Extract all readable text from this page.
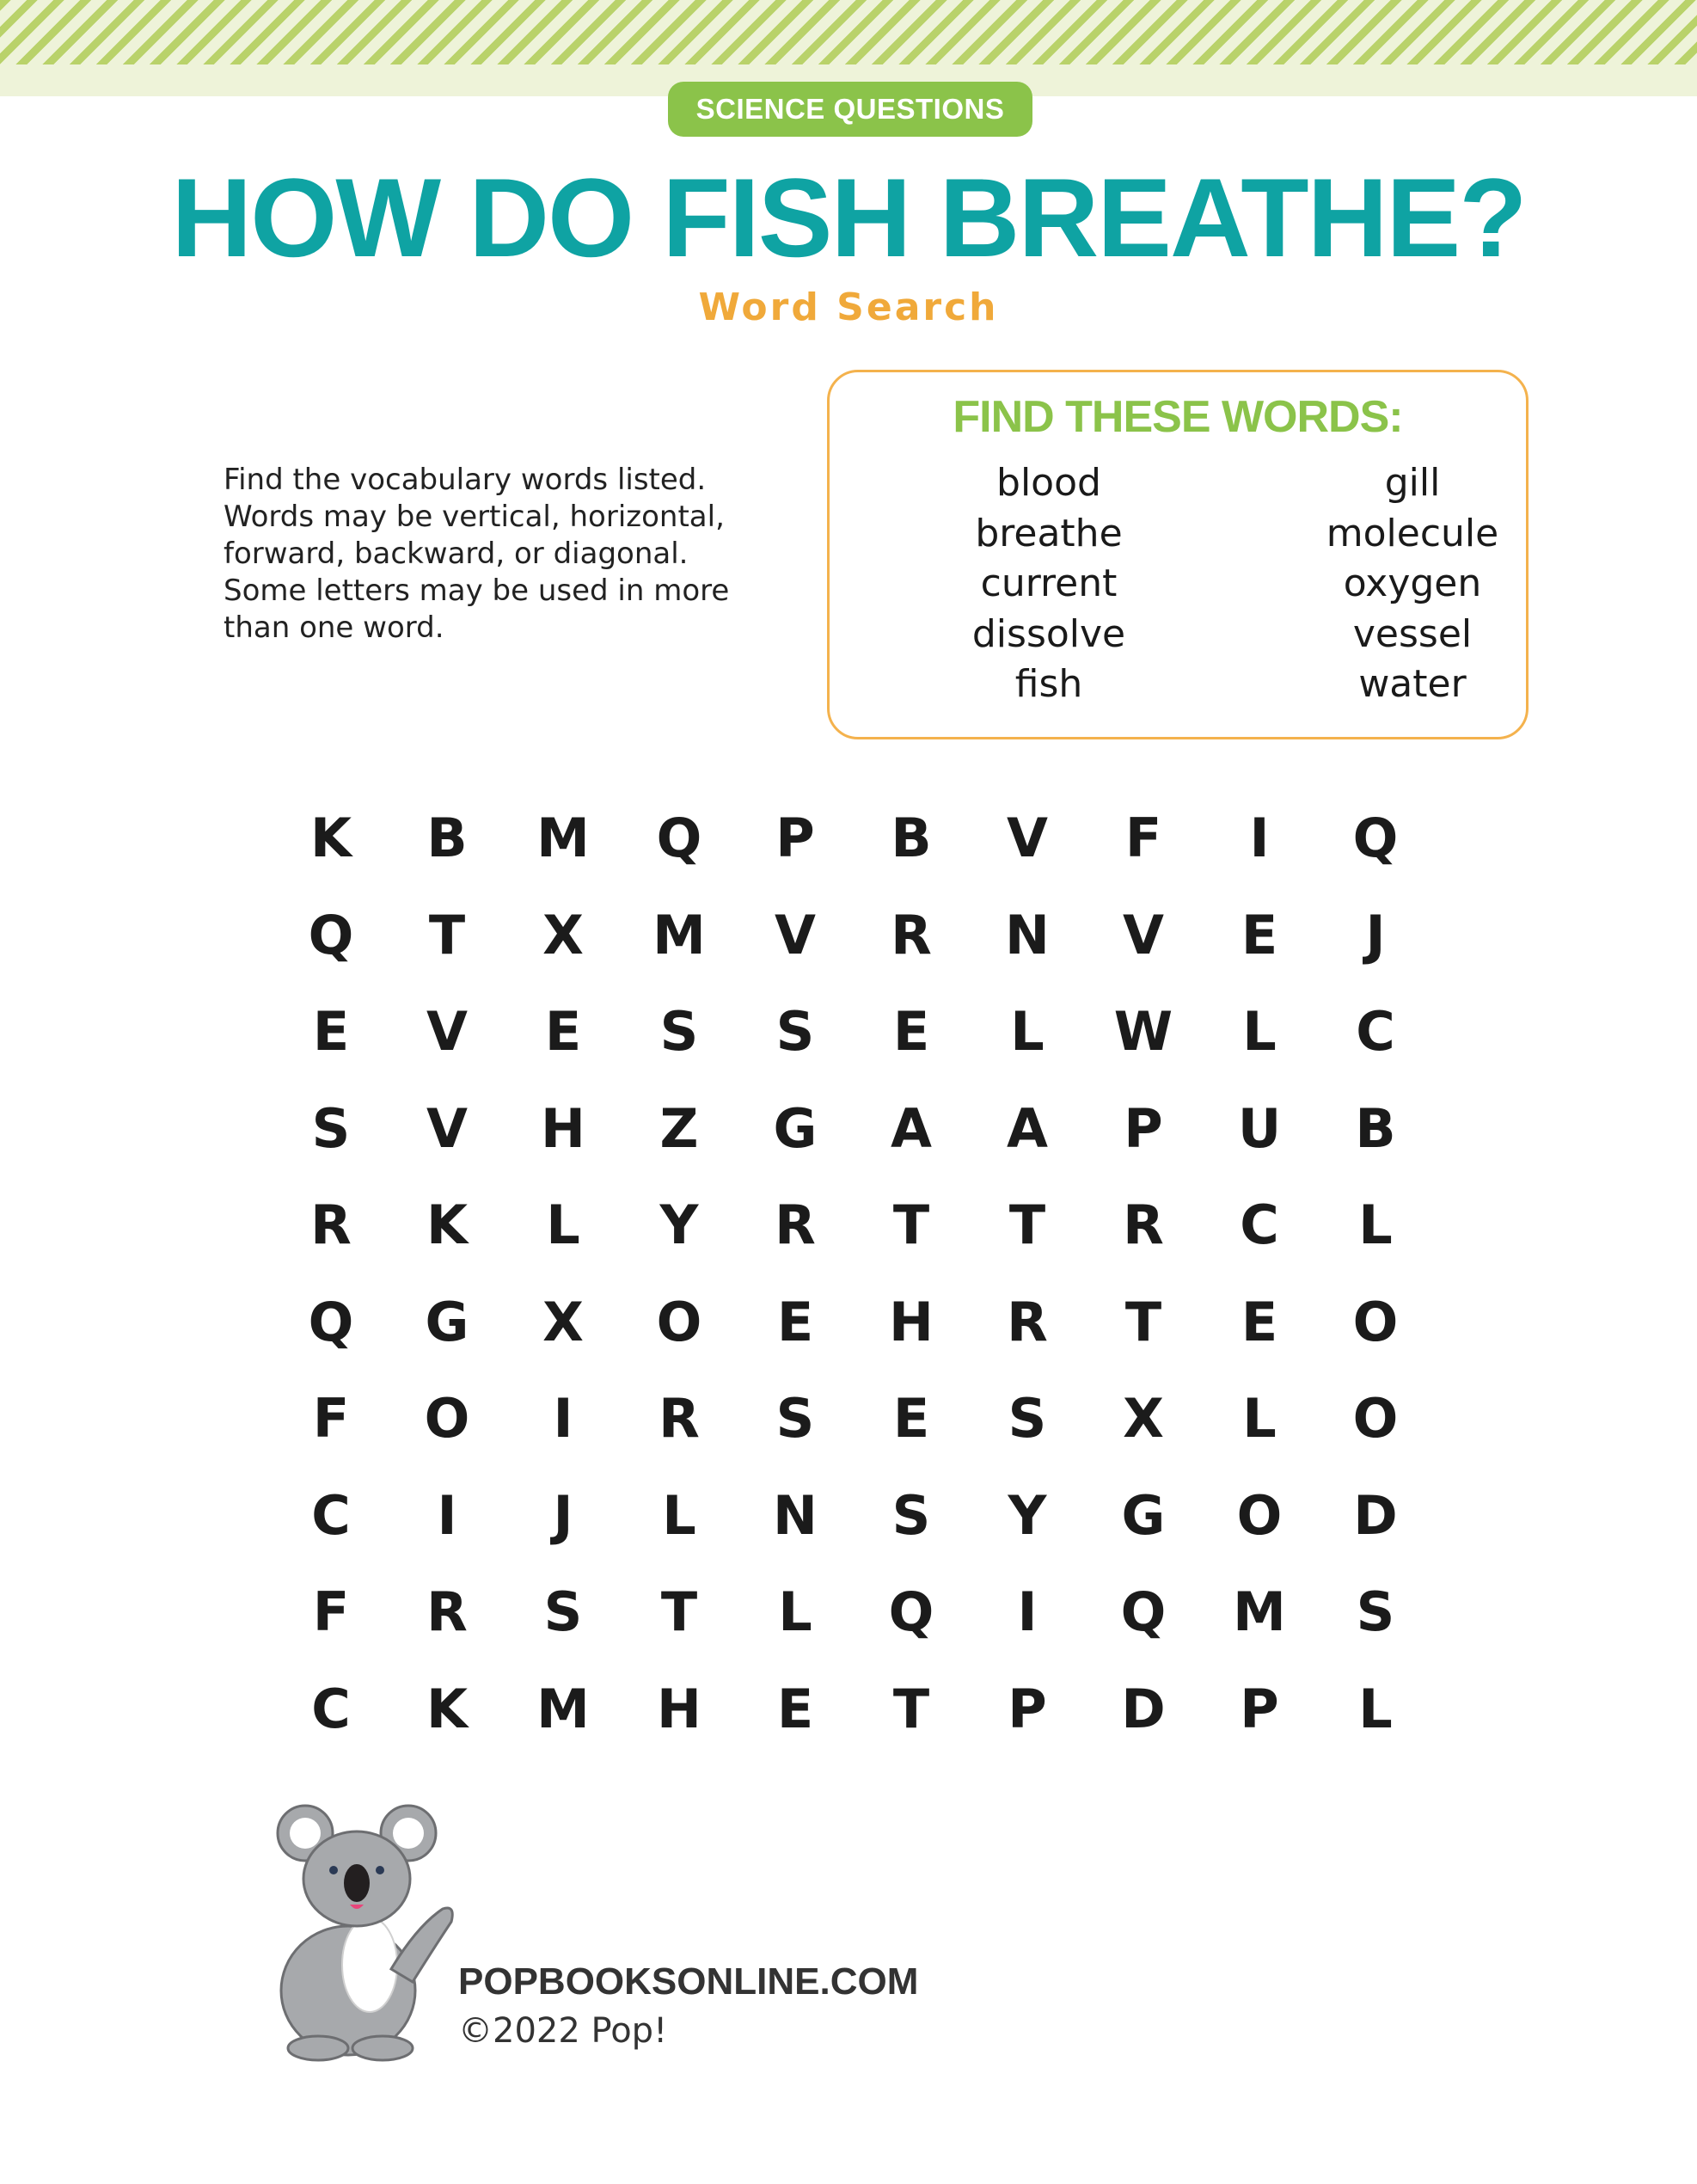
SCIENCE QUESTIONS
HOW DO FISH BREATHE?
Word Search
Find the vocabulary words listed.
Words may be vertical, horizontal,
forward, backward, or diagonal.
Some letters may be used in more
than one word.
FIND THESE WORDS:
blood
breathe
current
dissolve
fish
gill
molecule
oxygen
vessel
water
K	B	M	Q	P	B	V	F	I	Q
Q	T	X	M	V	R	N	V	E	J
E	V	E	S	S	E	L	W	L	C
S	V	H	Z	G	A	A	P	U	B
R	K	L	Y	R	T	T	R	C	L
Q	G	X	O	E	H	R	T	E	O
F	O	I	R	S	E	S	X	L	O
C	I	J	L	N	S	Y	G	O	D
F	R	S	T	L	Q	I	Q	M	S
C	K	M	H	E	T	P	D	P	L
POPBOOKSONLINE.COM
©2022 Pop!
